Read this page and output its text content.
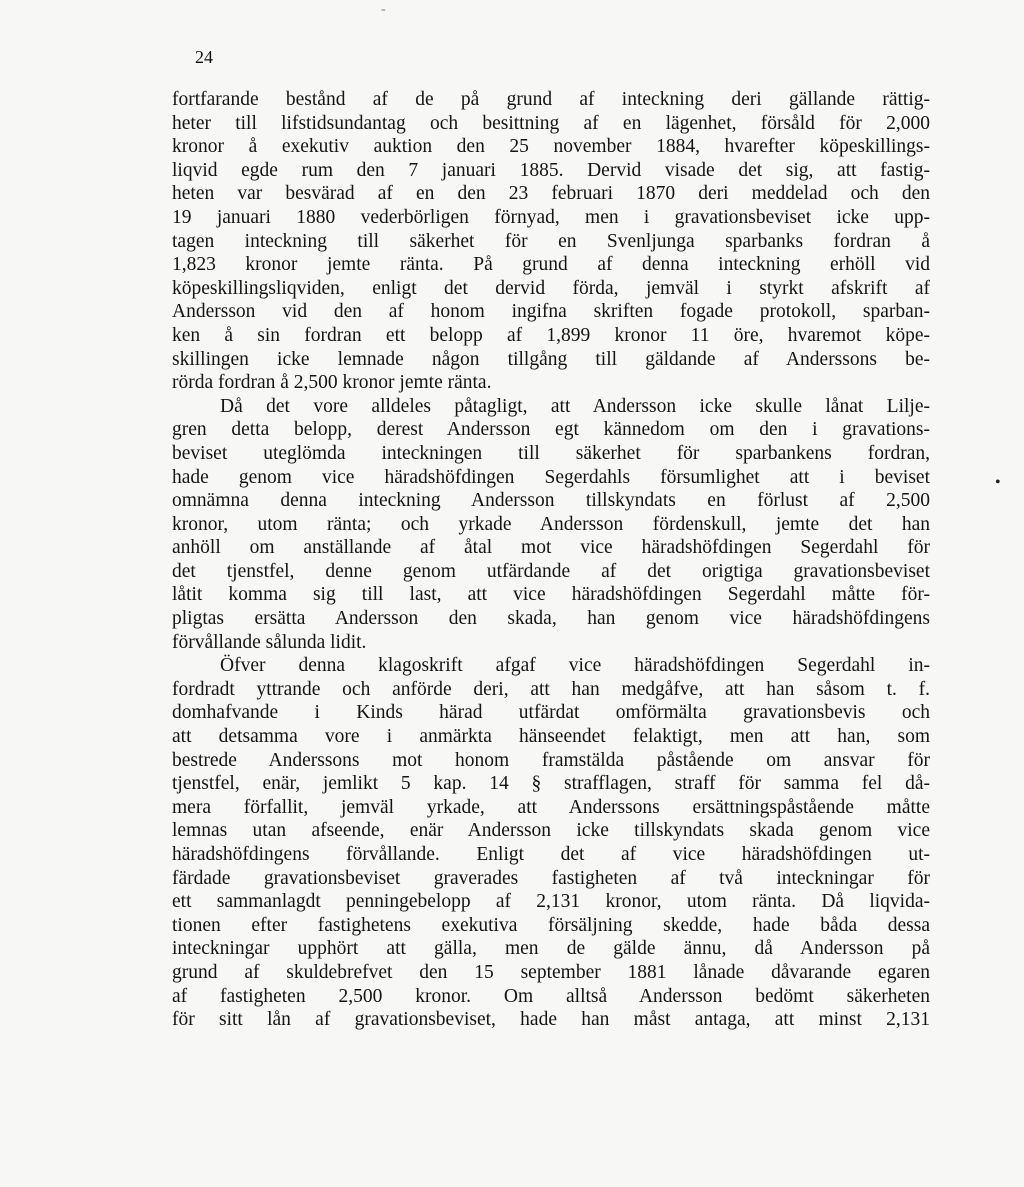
-
24
fortfarande bestånd af de på grund af inteckning deri gällande rättig-
heter till lifstidsundantag och besittning af en lägenhet, försåld för 2,000
kronor å exekutiv auktion den 25 november 1884, hvarefter köpeskillings-
liqvid egde rum den 7 januari 1885. Dervid visade det sig, att fastig-
heten var besvärad af en den 23 februari 1870 deri meddelad och den
19 januari 1880 vederbörligen förnyad, men i gravationsbeviset icke upp-
tagen inteckning till säkerhet för en Svenljunga sparbanks fordran å
1,823 kronor jemte ränta. På grund af denna inteckning erhöll vid
köpeskillingsliqviden, enligt det dervid förda, jemväl i styrkt afskrift af
Andersson vid den af honom ingifna skriften fogade protokoll, sparban-
ken å sin fordran ett belopp af 1,899 kronor 11 öre, hvaremot köpe-
skillingen icke lemnade någon tillgång till gäldande af Anderssons be-
rörda fordran å 2,500 kronor jemte ränta.
Då det vore alldeles påtagligt, att Andersson icke skulle lånat Lilje-
gren detta belopp, derest Andersson egt kännedom om den i gravations-
beviset uteglömda inteckningen till säkerhet för sparbankens fordran,
hade genom vice häradshöfdingen Segerdahls försumlighet att i beviset
omnämna denna inteckning Andersson tillskyndats en förlust af 2,500
kronor, utom ränta; och yrkade Andersson fördenskull, jemte det han
anhöll om anställande af åtal mot vice häradshöfdingen Segerdahl för
det tjenstfel, denne genom utfärdande af det origtiga gravationsbeviset
låtit komma sig till last, att vice häradshöfdingen Segerdahl måtte för-
pligtas ersätta Andersson den skada, han genom vice häradshöfdingens
förvållande sålunda lidit.
Öfver denna klagoskrift afgaf vice häradshöfdingen Segerdahl in-
fordradt yttrande och anförde deri, att han medgåfve, att han såsom t. f.
domhafvande i Kinds härad utfärdat omförmälta gravationsbevis och
att detsamma vore i anmärkta hänseendet felaktigt, men att han, som
bestrede Anderssons mot honom framstälda påstående om ansvar för
tjenstfel, enär, jemlikt 5 kap. 14 § strafflagen, straff för samma fel då-
mera förfallit, jemväl yrkade, att Anderssons ersättningspåstående måtte
lemnas utan afseende, enär Andersson icke tillskyndats skada genom vice
häradshöfdingens förvållande. Enligt det af vice häradshöfdingen ut-
färdade gravationsbeviset graverades fastigheten af två inteckningar för
ett sammanlagdt penningebelopp af 2,131 kronor, utom ränta. Då liqvida-
tionen efter fastighetens exekutiva försäljning skedde, hade båda dessa
inteckningar upphört att gälla, men de gälde ännu, då Andersson på
grund af skuldebrefvet den 15 september 1881 lånade dåvarande egaren
af fastigheten 2,500 kronor. Om alltså Andersson bedömt säkerheten
för sitt lån af gravationsbeviset, hade han måst antaga, att minst 2,131
•
